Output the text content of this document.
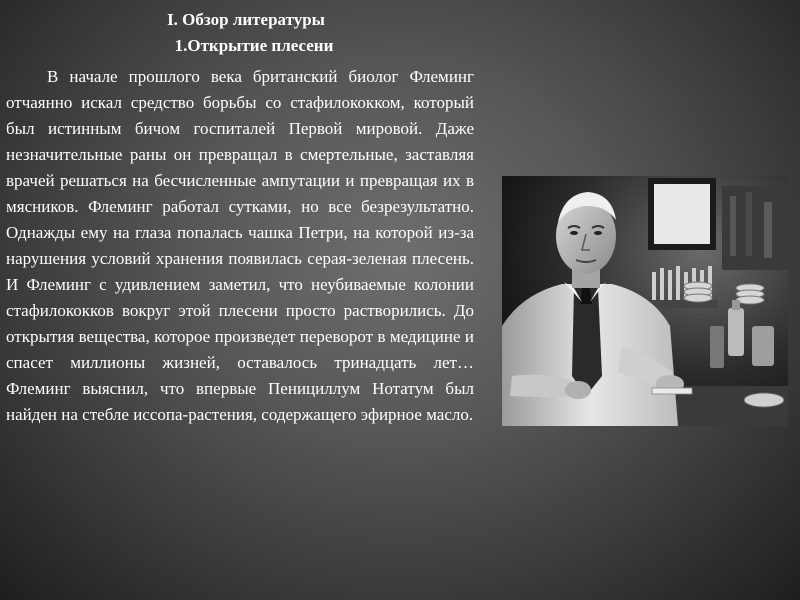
I. Обзор литературы
1.Открытие плесени

В начале прошлого века британский биолог Флеминг отчаянно искал средство борьбы со стафилококком, который был истинным бичом госпиталей Первой мировой. Даже незначительные раны он превращал в смертельные, заставляя врачей решаться на бесчисленные ампутации и превращая их в мясников. Флеминг работал сутками, но все безрезультатно. Однажды ему на глаза попалась чашка Петри, на которой из-за нарушения условий хранения появилась серая-зеленая плесень. И Флеминг с удивлением заметил, что неубиваемые колонии стафилококков вокруг этой плесени просто растворились. До открытия вещества, которое произведет переворот в медицине и спасет миллионы жизней, оставалось тринадцать лет… Флеминг выяснил, что впервые Пенициллум Нотатум был найден на стебле иссопа-растения, содержащего эфирное масло.
